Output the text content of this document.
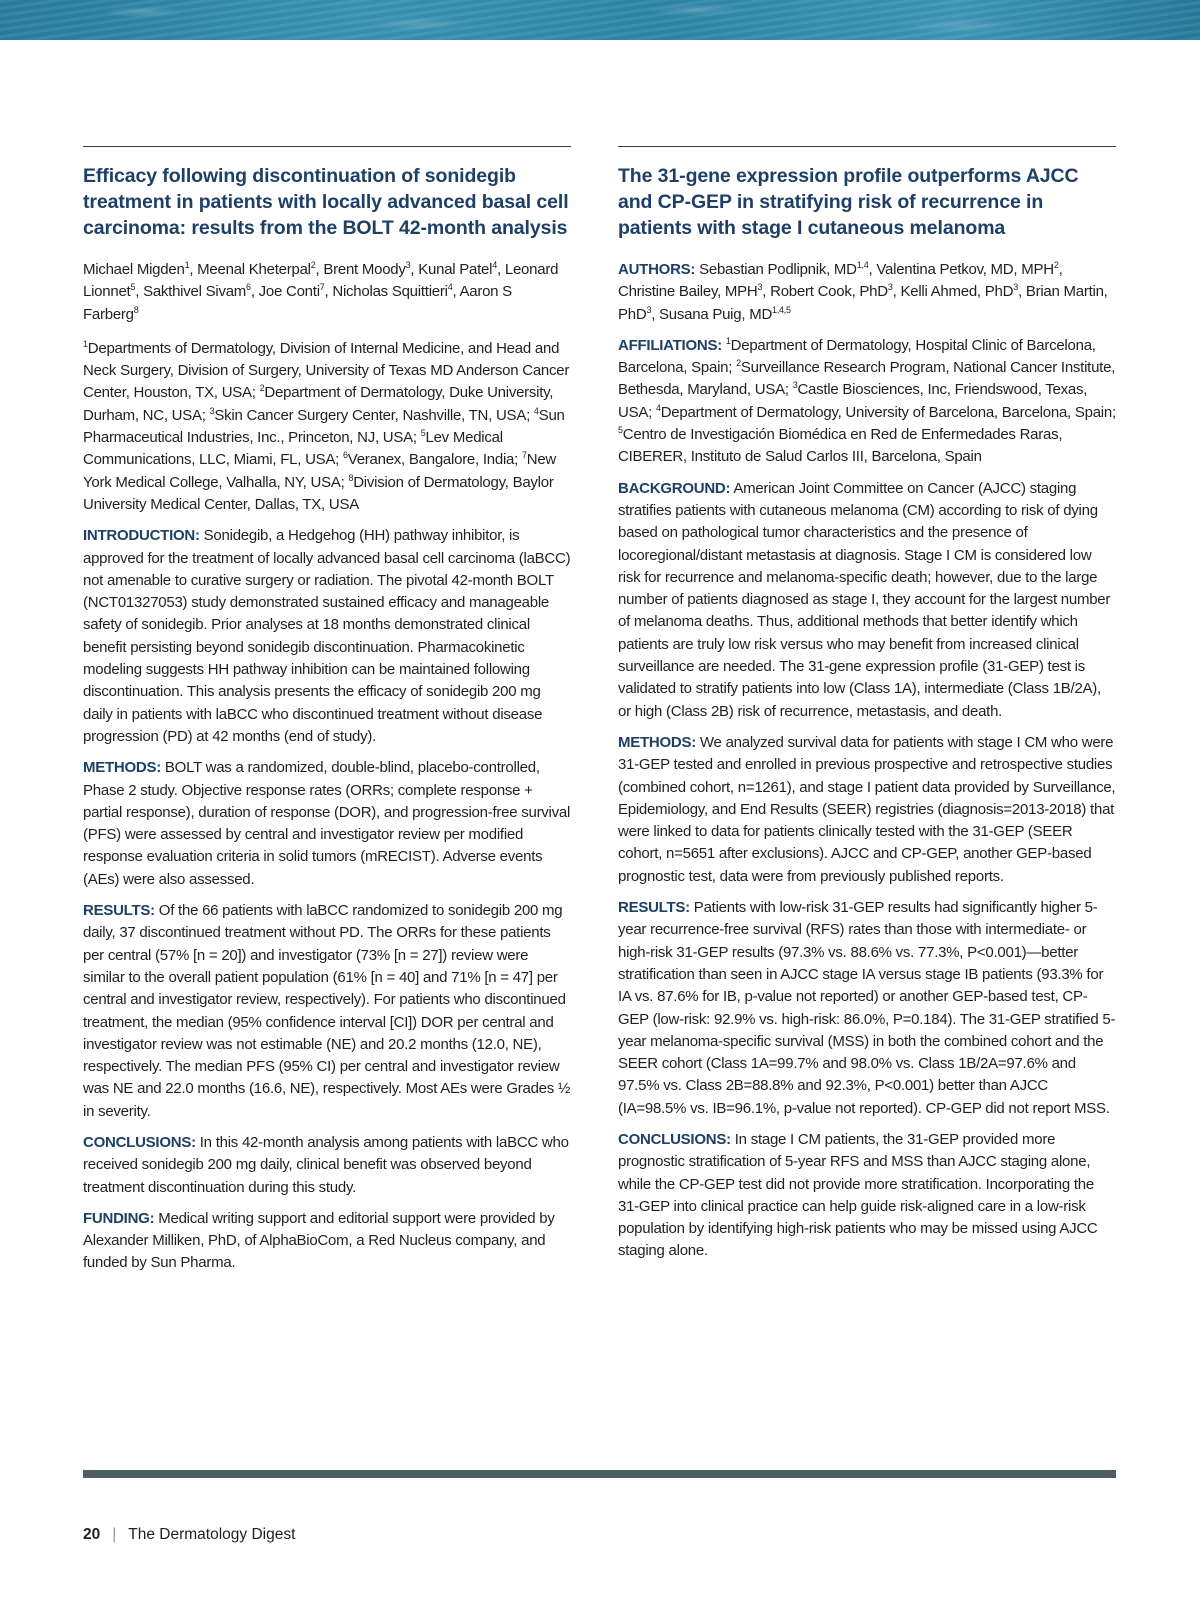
Efficacy following discontinuation of sonidegib treatment in patients with locally advanced basal cell carcinoma: results from the BOLT 42-month analysis

Michael Migden$^1$, Meenal Kheterpal$^2$, Brent Moody$^3$, Kunal Patel$^4$, Leonard Lionnet$^5$, Sakthivel Sivam$^6$, Joe Conti$^7$, Nicholas Squittieri$^4$, Aaron S Farberg$^8$

$^1$Departments of Dermatology, Division of Internal Medicine, and Head and Neck Surgery, Division of Surgery, University of Texas MD Anderson Cancer Center, Houston, TX, USA; $^2$Department of Dermatology, Duke University, Durham, NC, USA; $^3$Skin Cancer Surgery Center, Nashville, TN, USA; $^4$Sun Pharmaceutical Industries, Inc., Princeton, NJ, USA; $^5$Lev Medical Communications, LLC, Miami, FL, USA; $^6$Veranex, Bangalore, India; $^7$New York Medical College, Valhalla, NY, USA; $^8$Division of Dermatology, Baylor University Medical Center, Dallas, TX, USA

INTRODUCTION: Sonidegib, a Hedgehog (HH) pathway inhibitor, is approved for the treatment of locally advanced basal cell carcinoma (laBCC) not amenable to curative surgery or radiation. The pivotal 42-month BOLT (NCT01327053) study demonstrated sustained efficacy and manageable safety of sonidegib. Prior analyses at 18 months demonstrated clinical benefit persisting beyond sonidegib discontinuation. Pharmacokinetic modeling suggests HH pathway inhibition can be maintained following discontinuation. This analysis presents the efficacy of sonidegib 200 mg daily in patients with laBCC who discontinued treatment without disease progression (PD) at 42 months (end of study).

METHODS: BOLT was a randomized, double-blind, placebo-controlled, Phase 2 study. Objective response rates (ORRs; complete response + partial response), duration of response (DOR), and progression-free survival (PFS) were assessed by central and investigator review per modified response evaluation criteria in solid tumors (mRECIST). Adverse events (AEs) were also assessed.

RESULTS: Of the 66 patients with laBCC randomized to sonidegib 200 mg daily, 37 discontinued treatment without PD. The ORRs for these patients per central (57% [n = 20]) and investigator (73% [n = 27]) review were similar to the overall patient population (61% [n = 40] and 71% [n = 47] per central and investigator review, respectively). For patients who discontinued treatment, the median (95% confidence interval [CI]) DOR per central and investigator review was not estimable (NE) and 20.2 months (12.0, NE), respectively. The median PFS (95% CI) per central and investigator review was NE and 22.0 months (16.6, NE), respectively. Most AEs were Grades ½ in severity.

CONCLUSIONS: In this 42-month analysis among patients with laBCC who received sonidegib 200 mg daily, clinical benefit was observed beyond treatment discontinuation during this study.

FUNDING: Medical writing support and editorial support were provided by Alexander Milliken, PhD, of AlphaBioCom, a Red Nucleus company, and funded by Sun Pharma.

The 31-gene expression profile outperforms AJCC and CP-GEP in stratifying risk of recurrence in patients with stage I cutaneous melanoma

AUTHORS: Sebastian Podlipnik, MD$^{1,4}$, Valentina Petkov, MD, MPH$^2$, Christine Bailey, MPH$^3$, Robert Cook, PhD$^3$, Kelli Ahmed, PhD$^3$, Brian Martin, PhD$^3$, Susana Puig, MD$^{1,4,5}$

AFFILIATIONS: $^1$Department of Dermatology, Hospital Clinic of Barcelona, Barcelona, Spain; $^2$Surveillance Research Program, National Cancer Institute, Bethesda, Maryland, USA; $^3$Castle Biosciences, Inc, Friendswood, Texas, USA; $^4$Department of Dermatology, University of Barcelona, Barcelona, Spain; $^5$Centro de Investigación Biomédica en Red de Enfermedades Raras, CIBERER, Instituto de Salud Carlos III, Barcelona, Spain

BACKGROUND: American Joint Committee on Cancer (AJCC) staging stratifies patients with cutaneous melanoma (CM) according to risk of dying based on pathological tumor characteristics and the presence of locoregional/distant metastasis at diagnosis. Stage I CM is considered low risk for recurrence and melanoma-specific death; however, due to the large number of patients diagnosed as stage I, they account for the largest number of melanoma deaths. Thus, additional methods that better identify which patients are truly low risk versus who may benefit from increased clinical surveillance are needed. The 31-gene expression profile (31-GEP) test is validated to stratify patients into low (Class 1A), intermediate (Class 1B/2A), or high (Class 2B) risk of recurrence, metastasis, and death.

METHODS: We analyzed survival data for patients with stage I CM who were 31-GEP tested and enrolled in previous prospective and retrospective studies (combined cohort, n=1261), and stage I patient data provided by Surveillance, Epidemiology, and End Results (SEER) registries (diagnosis=2013-2018) that were linked to data for patients clinically tested with the 31-GEP (SEER cohort, n=5651 after exclusions). AJCC and CP-GEP, another GEP-based prognostic test, data were from previously published reports.

RESULTS: Patients with low-risk 31-GEP results had significantly higher 5-year recurrence-free survival (RFS) rates than those with intermediate- or high-risk 31-GEP results (97.3% vs. 88.6% vs. 77.3%, P<0.001)—better stratification than seen in AJCC stage IA versus stage IB patients (93.3% for IA vs. 87.6% for IB, p-value not reported) or another GEP-based test, CP-GEP (low-risk: 92.9% vs. high-risk: 86.0%, P=0.184). The 31-GEP stratified 5-year melanoma-specific survival (MSS) in both the combined cohort and the SEER cohort (Class 1A=99.7% and 98.0% vs. Class 1B/2A=97.6% and 97.5% vs. Class 2B=88.8% and 92.3%, P<0.001) better than AJCC (IA=98.5% vs. IB=96.1%, p-value not reported). CP-GEP did not report MSS.

CONCLUSIONS: In stage I CM patients, the 31-GEP provided more prognostic stratification of 5-year RFS and MSS than AJCC staging alone, while the CP-GEP test did not provide more stratification. Incorporating the 31-GEP into clinical practice can help guide risk-aligned care in a low-risk population by identifying high-risk patients who may be missed using AJCC staging alone.

20 | The Dermatology Digest
